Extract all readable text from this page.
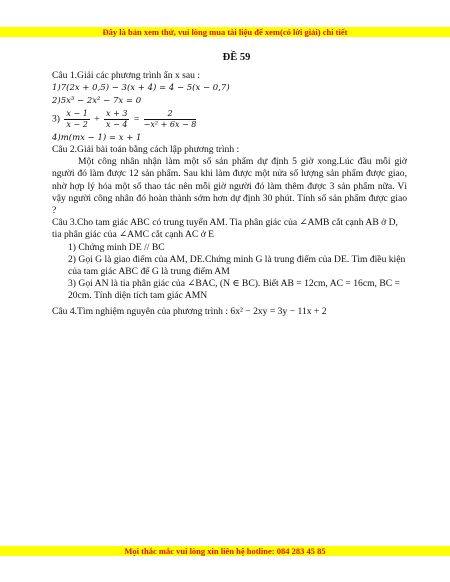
Đây là bản xem thử, vui lòng mua tài liệu để xem(có lời giải) chi tiết
ĐỀ 59
Câu 1.Giải các phương trình ẩn x sau :
1)7(2x + 0,5) − 3(x + 4) = 4 − 5(x − 0,7)
2)5x³ − 2x² − 7x = 0
$3) \frac{x - 1}{x - 2} + \frac{x + 3}{x - 4} = \frac{2}{\text{−x² + 6x − 8}}$
4)m(mx − 1) = x + 1
Câu 2.Giải bài toán bằng cách lập phương trình :
Một công nhân nhận làm một số sản phẩm dự định 5 giờ xong.Lúc đầu mỗi giờ người đó làm được 12 sản phẩm. Sau khi làm được một nửa số lượng sản phẩm được giao, nhờ hợp lý hóa một số thao tác nên mỗi giờ người đó làm thêm được 3 sản phẩm nữa. Vì vậy người công nhân đó hoàn thành sớm hơn dự định 30 phút. Tính số sản phẩm được giao ?
Câu 3.Cho tam giác ABC có trung tuyến AM. Tia phân giác của ∠AMB cắt cạnh AB ở D, tia phân giác của ∠AMC cắt cạnh AC ở E
1) Chứng minh DE // BC
2) Gọi G là giao điểm của AM, DE.Chứng minh G là trung điểm của DE. Tìm điều kiện của tam giác ABC để G là trung điểm AM
3) Gọi AN là tia phân giác của ∠BAC, (N ∈ BC). Biết AB = 12cm, AC = 16cm, BC = 20cm. Tính diện tích tam giác AMN
Câu 4.Tìm nghiệm nguyên của phương trình : 6x² − 2xy = 3y − 11x + 2
Mọi thắc mắc vui lòng xin liên hệ hotline: 084 283 45 85
